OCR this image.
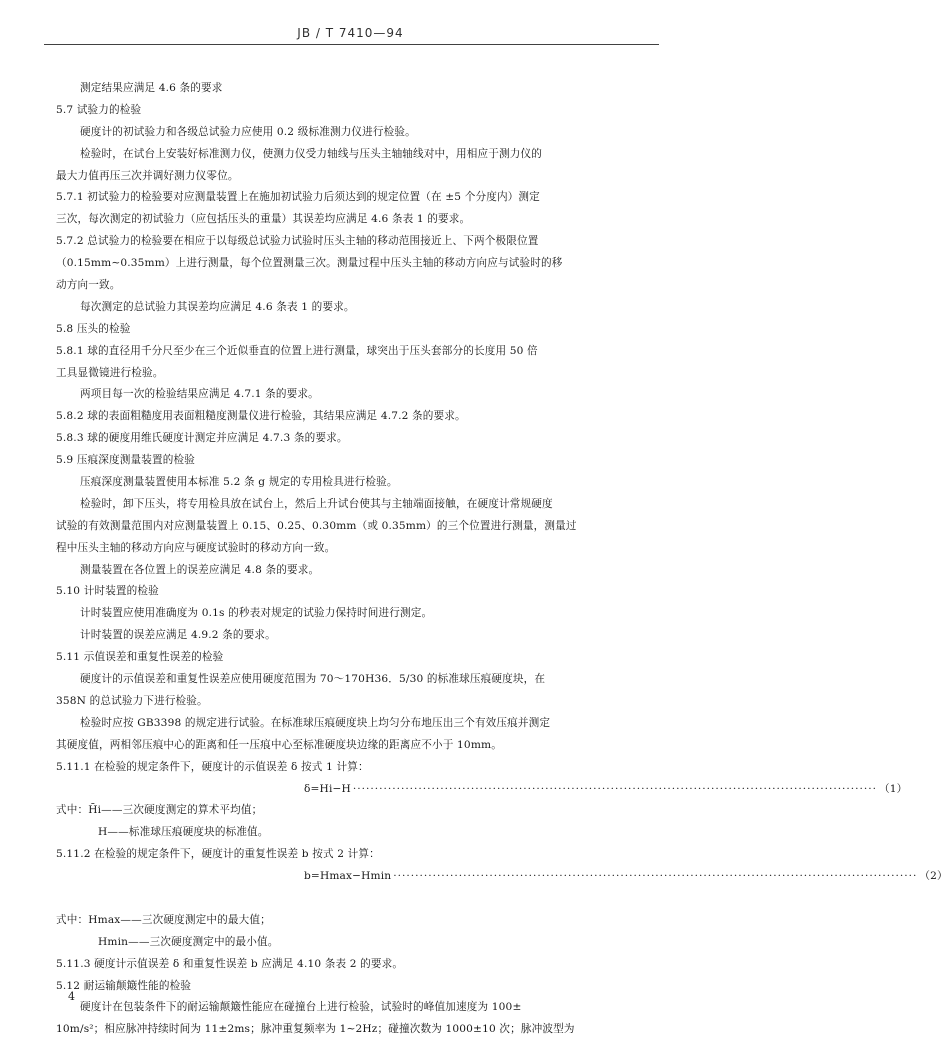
JB / T 7410—94
测定结果应满足 4.6 条的要求
5.7 试验力的检验
硬度计的初试验力和各级总试验力应使用 0.2 级标准测力仪进行检验。
检验时，在试台上安装好标准测力仪，使测力仪受力轴线与压头主轴轴线对中，用相应于测力仪的
最大力值再压三次并调好测力仪零位。
5.7.1 初试验力的检验要对应测量装置上在施加初试验力后须达到的规定位置（在 ±5 个分度内）测定
三次，每次测定的初试验力（应包括压头的重量）其误差均应满足 4.6 条表 1 的要求。
5.7.2 总试验力的检验要在相应于以每级总试验力试验时压头主轴的移动范围接近上、下两个极限位置
（0.15mm∼0.35mm）上进行测量，每个位置测量三次。测量过程中压头主轴的移动方向应与试验时的移
动方向一致。
每次测定的总试验力其误差均应满足 4.6 条表 1 的要求。
5.8 压头的检验
5.8.1 球的直径用千分尺至少在三个近似垂直的位置上进行测量，球突出于压头套部分的长度用 50 倍
工具显微镜进行检验。
两项目每一次的检验结果应满足 4.7.1 条的要求。
5.8.2 球的表面粗糙度用表面粗糙度测量仪进行检验，其结果应满足 4.7.2 条的要求。
5.8.3 球的硬度用维氏硬度计测定并应满足 4.7.3 条的要求。
5.9 压痕深度测量装置的检验
压痕深度测量装置使用本标准 5.2 条 g 规定的专用检具进行检验。
检验时，卸下压头，将专用检具放在试台上，然后上升试台使其与主轴端面接触，在硬度计常规硬度
试验的有效测量范围内对应测量装置上 0.15、0.25、0.30mm（或 0.35mm）的三个位置进行测量，测量过
程中压头主轴的移动方向应与硬度试验时的移动方向一致。
测量装置在各位置上的误差应满足 4.8 条的要求。
5.10 计时装置的检验
计时装置应使用准确度为 0.1s 的秒表对规定的试验力保持时间进行测定。
计时装置的误差应满足 4.9.2 条的要求。
5.11 示值误差和重复性误差的检验
硬度计的示值误差和重复性误差应使用硬度范围为 70～170H36．5/30 的标准球压痕硬度块，在
358N 的总试验力下进行检验。
检验时应按 GB3398 的规定进行试验。在标准球压痕硬度块上均匀分布地压出三个有效压痕并测定
其硬度值，两相邻压痕中心的距离和任一压痕中心至标准硬度块边缘的距离应不小于 10mm。
5.11.1 在检验的规定条件下，硬度计的示值误差 δ 按式 1 计算：
δ=Hi−H ························································································································ （1）
式中：H̄i——三次硬度测定的算术平均值；
H——标准球压痕硬度块的标准值。
5.11.2 在检验的规定条件下，硬度计的重复性误差 b 按式 2 计算：
b=Hmax−Hmin ························································································································ （2）
式中：Hmax——三次硬度测定中的最大值；
Hmin——三次硬度测定中的最小值。
5.11.3 硬度计示值误差 δ 和重复性误差 b 应满足 4.10 条表 2 的要求。
5.12 耐运输颠簸性能的检验
硬度计在包装条件下的耐运输颠簸性能应在碰撞台上进行检验，试验时的峰值加速度为 100±
10m/s²；相应脉冲持续时间为 11±2ms；脉冲重复频率为 1∼2Hz；碰撞次数为 1000±10 次；脉冲波型为
4
